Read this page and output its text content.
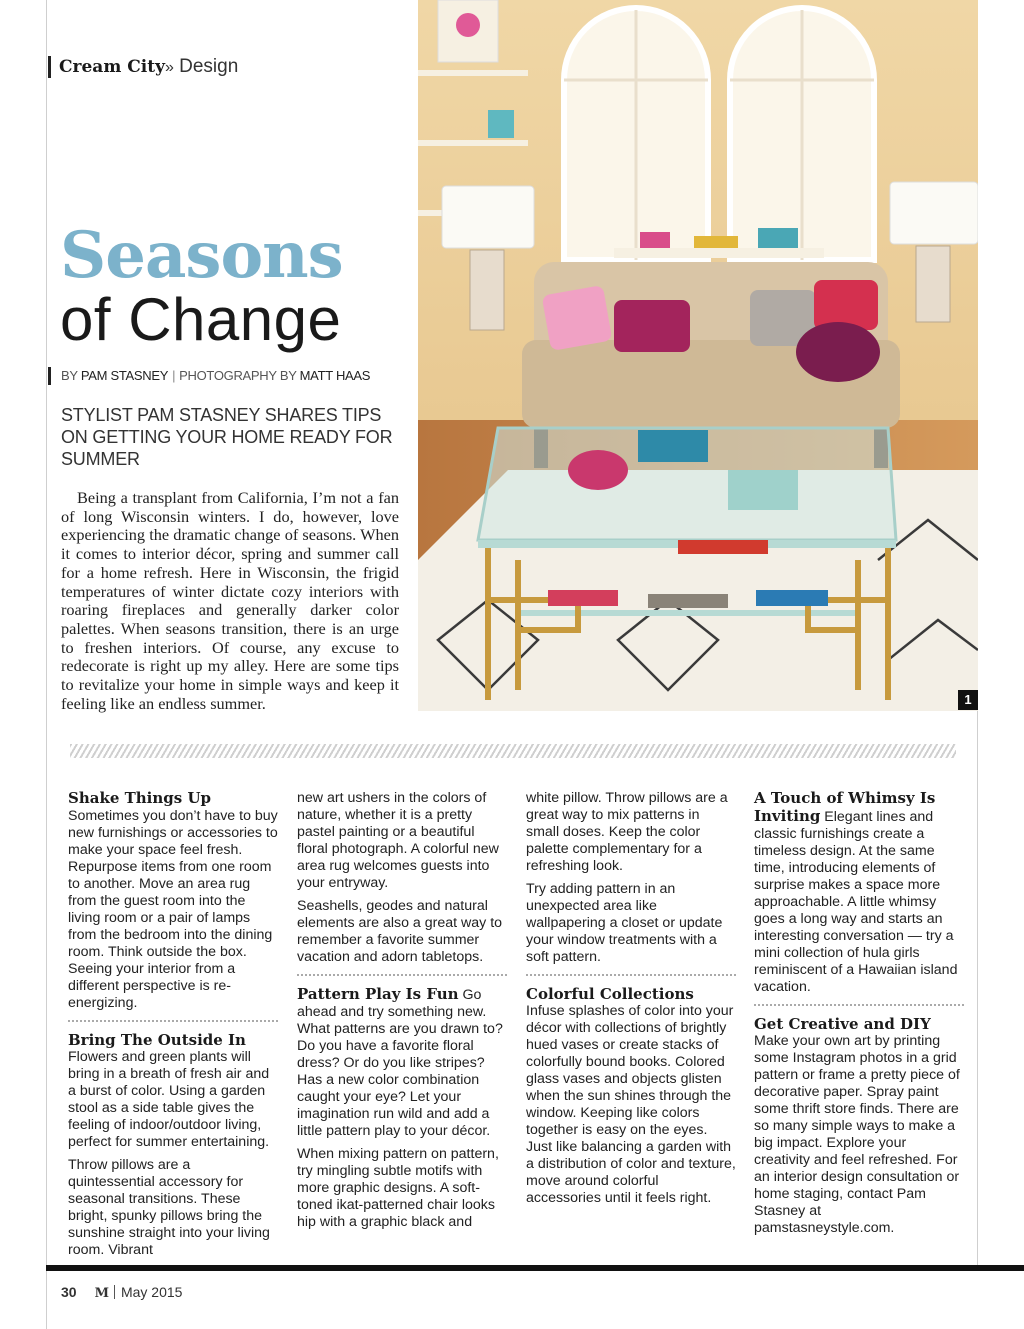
Cream City» Design
Seasons
of Change
BY PAM STASNEY | PHOTOGRAPHY BY MATT HAAS
STYLIST PAM STASNEY SHARES TIPS ON GETTING YOUR HOME READY FOR SUMMER
Being a transplant from California, I’m not a fan of long Wisconsin winters. I do, however, love experiencing the dramatic change of seasons. When it comes to interior décor, spring and summer call for a home refresh. Here in Wisconsin, the frigid temperatures of winter dictate cozy interiors with roaring fireplaces and generally darker color palettes. When seasons transition, there is an urge to freshen interiors. Of course, any excuse to redecorate is right up my alley. Here are some tips to revitalize your home in simple ways and keep it feeling like an endless summer.	1

Shake Things Up Sometimes you don’t have to buy new furnishings or accessories to make your space feel fresh. Repurpose items from one room to another. Move an area rug from the guest room into the living room or a pair of lamps from the bedroom into the dining room. Think outside the box. Seeing your interior from a different perspective is re-energizing.

Bring The Outside In
Flowers and green plants will bring in a breath of fresh air and a burst of color. Using a garden stool as a side table gives the feeling of indoor/outdoor living, perfect for summer entertaining.

Throw pillows are a quintessential accessory for seasonal transitions. These bright, spunky pillows bring the sunshine straight into your living room. Vibrant

new art ushers in the colors of nature, whether it is a pretty pastel painting or a beautiful floral photograph. A colorful new area rug welcomes guests into your entryway.

Seashells, geodes and natural elements are also a great way to remember a favorite summer vacation and adorn tabletops.

Pattern Play Is Fun Go ahead and try something new. What patterns are you drawn to? Do you have a favorite floral dress? Or do you like stripes? Has a new color combination caught your eye? Let your imagination run wild and add a little pattern play to your décor.

When mixing pattern on pattern, try mingling subtle motifs with more graphic designs. A soft-toned ikat-patterned chair looks hip with a graphic black and

white pillow. Throw pillows are a great way to mix patterns in small doses. Keep the color palette complementary for a refreshing look.

Try adding pattern in an unexpected area like wallpapering a closet or update your window treatments with a soft pattern.

Colorful Collections
Infuse splashes of color into your décor with collections of brightly hued vases or create stacks of colorfully bound books. Colored glass vases and objects glisten when the sun shines through the window. Keeping like colors together is easy on the eyes. Just like balancing a garden with a distribution of color and texture, move around colorful accessories until it feels right.

A Touch of Whimsy Is Inviting Elegant lines and classic furnishings create a timeless design. At the same time, introducing elements of surprise makes a space more approachable. A little whimsy goes a long way and starts an interesting conversation — try a mini collection of hula girls reminiscent of a Hawaiian island vacation.

Get Creative and DIY
Make your own art by printing some Instagram photos in a grid pattern or frame a pretty piece of decorative paper. Spray paint some thrift store finds. There are so many simple ways to make a big impact. Explore your creativity and feel refreshed. For an interior design consultation or home staging, contact Pam Stasney at pamstasneystyle.com.

30 M May 2015
